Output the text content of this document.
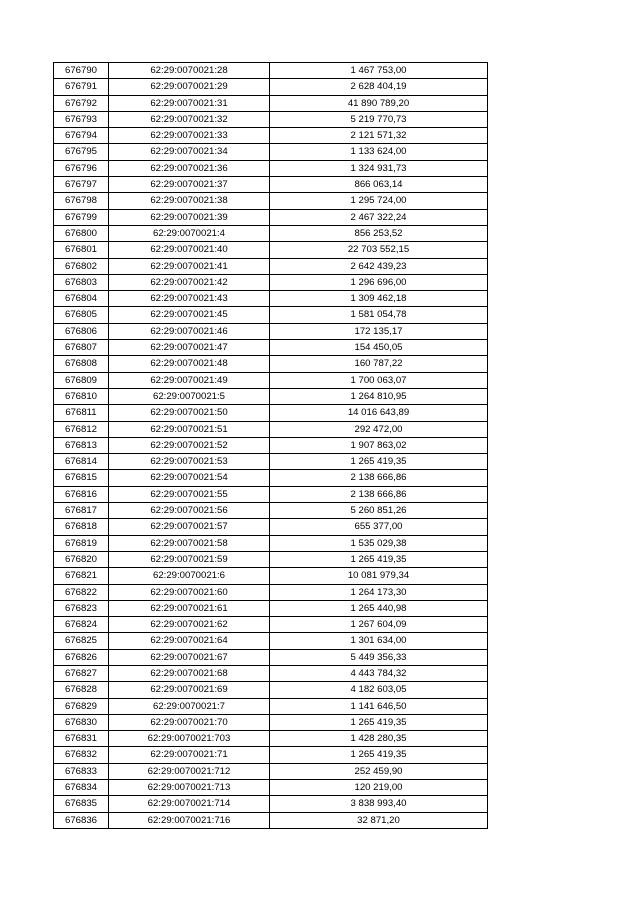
676790	62:29:0070021:28	1 467 753,00
676791	62:29:0070021:29	2 628 404,19
676792	62:29:0070021:31	41 890 789,20
676793	62:29:0070021:32	5 219 770,73
676794	62:29:0070021:33	2 121 571,32
676795	62:29:0070021:34	1 133 624,00
676796	62:29:0070021:36	1 324 931,73
676797	62:29:0070021:37	866 063,14
676798	62:29:0070021:38	1 295 724,00
676799	62:29:0070021:39	2 467 322,24
676800	62:29:0070021:4	856 253,52
676801	62:29:0070021:40	22 703 552,15
676802	62:29:0070021:41	2 642 439,23
676803	62:29:0070021:42	1 296 696,00
676804	62:29:0070021:43	1 309 462,18
676805	62:29:0070021:45	1 581 054,78
676806	62:29:0070021:46	172 135,17
676807	62:29:0070021:47	154 450,05
676808	62:29:0070021:48	160 787,22
676809	62:29:0070021:49	1 700 063,07
676810	62:29:0070021:5	1 264 810,95
676811	62:29:0070021:50	14 016 643,89
676812	62:29:0070021:51	292 472,00
676813	62:29:0070021:52	1 907 863,02
676814	62:29:0070021:53	1 265 419,35
676815	62:29:0070021:54	2 138 666,86
676816	62:29:0070021:55	2 138 666,86
676817	62:29:0070021:56	5 260 851,26
676818	62:29:0070021:57	655 377,00
676819	62:29:0070021:58	1 535 029,38
676820	62:29:0070021:59	1 265 419,35
676821	62:29:0070021:6	10 081 979,34
676822	62:29:0070021:60	1 264 173,30
676823	62:29:0070021:61	1 265 440,98
676824	62:29:0070021:62	1 267 604,09
676825	62:29:0070021:64	1 301 634,00
676826	62:29:0070021:67	5 449 356,33
676827	62:29:0070021:68	4 443 784,32
676828	62:29:0070021:69	4 182 603,05
676829	62:29:0070021:7	1 141 646,50
676830	62:29:0070021:70	1 265 419,35
676831	62:29:0070021:703	1 428 280,35
676832	62:29:0070021:71	1 265 419,35
676833	62:29:0070021:712	252 459,90
676834	62:29:0070021:713	120 219,00
676835	62:29:0070021:714	3 838 993,40
676836	62:29:0070021:716	32 871,20
